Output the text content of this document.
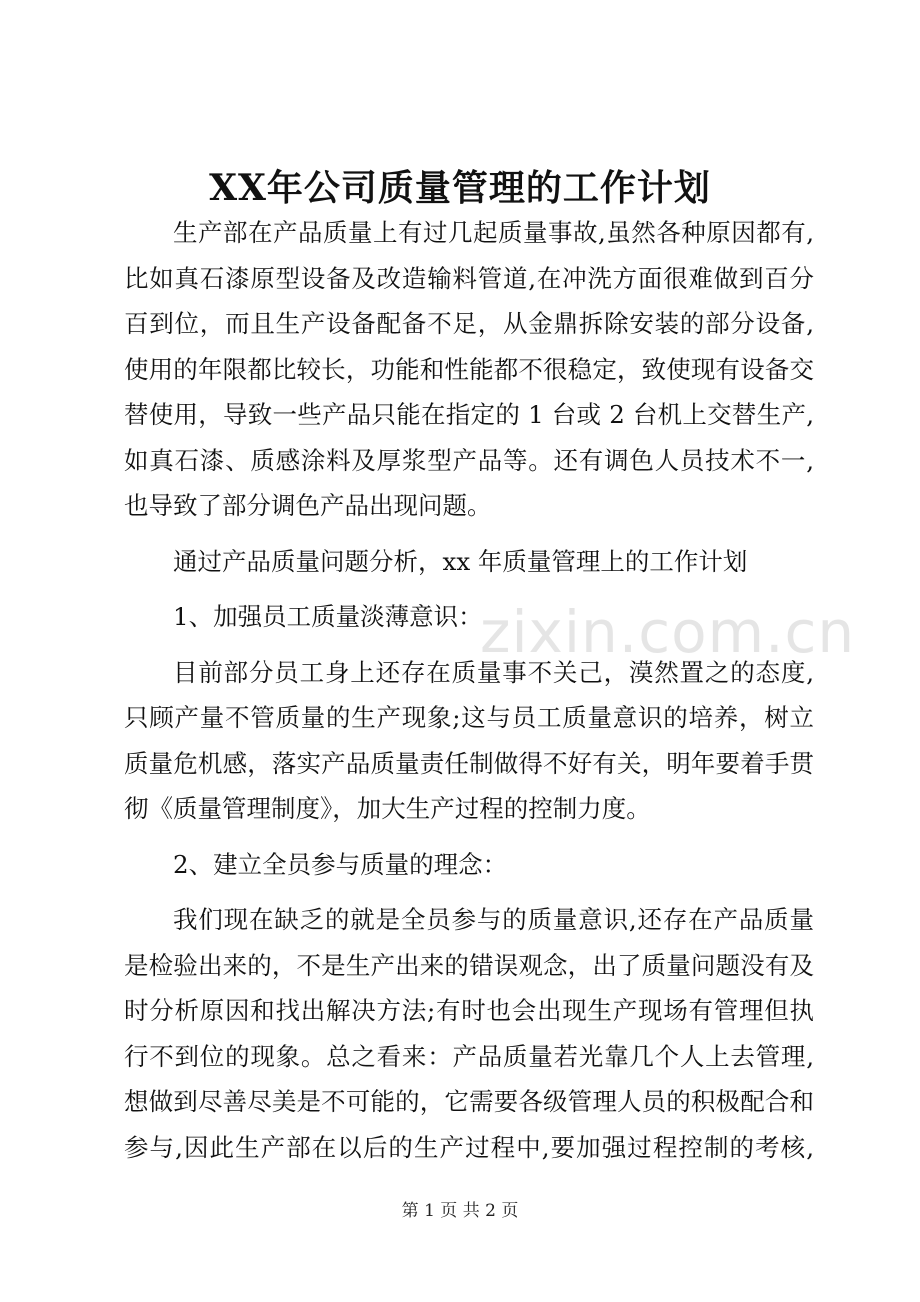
XX年公司质量管理的工作计划

生产部在产品质量上有过几起质量事故,虽然各种原因都有,

比如真石漆原型设备及改造输料管道,在冲洗方面很难做到百分

百到位，而且生产设备配备不足，从金鼎拆除安装的部分设备,

使用的年限都比较长，功能和性能都不很稳定，致使现有设备交

替使用，导致一些产品只能在指定的 1 台或 2 台机上交替生产,

如真石漆、质感涂料及厚浆型产品等。还有调色人员技术不一,

也导致了部分调色产品出现问题。

通过产品质量问题分析，xx 年质量管理上的工作计划

1、加强员工质量淡薄意识：

目前部分员工身上还存在质量事不关己，漠然置之的态度,

只顾产量不管质量的生产现象;这与员工质量意识的培养，树立

质量危机感，落实产品质量责任制做得不好有关，明年要着手贯

彻《质量管理制度》，加大生产过程的控制力度。

2、建立全员参与质量的理念：

我们现在缺乏的就是全员参与的质量意识,还存在产品质量

是检验出来的，不是生产出来的错误观念，出了质量问题没有及

时分析原因和找出解决方法;有时也会出现生产现场有管理但执

行不到位的现象。总之看来：产品质量若光靠几个人上去管理,

想做到尽善尽美是不可能的，它需要各级管理人员的积极配合和

参与,因此生产部在以后的生产过程中,要加强过程控制的考核,

zixin.com.cn
第 1 页 共 2 页
